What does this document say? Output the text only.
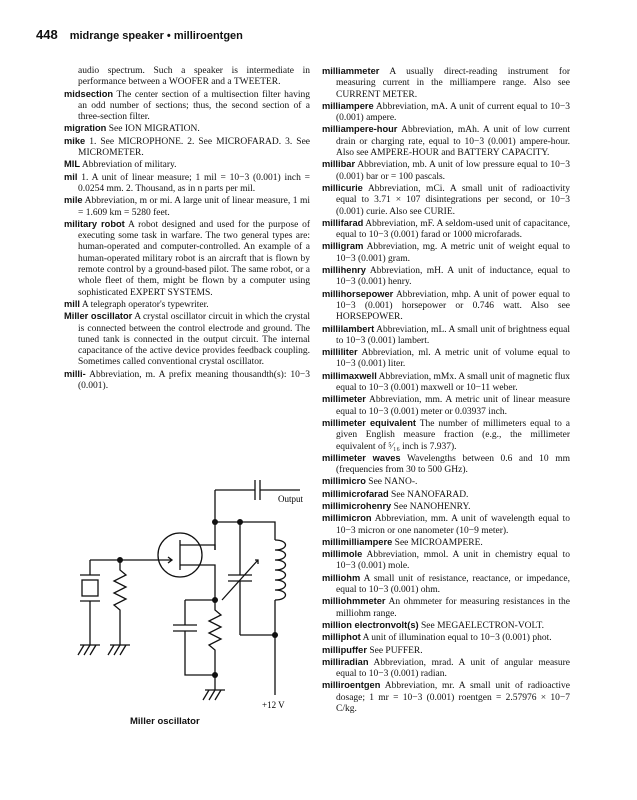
448 midrange speaker • milliroentgen

audio spectrum. Such a speaker is intermediate in performance between a WOOFER and a TWEETER.

midsection The center section of a multisection filter having an odd number of sections; thus, the second section of a three-section filter.

migration See ION MIGRATION.

mike 1. See MICROPHONE. 2. See MICROFARAD. 3. See MICROMETER.

MIL Abbreviation of military.

mil 1. A unit of linear measure; 1 mil = 10−3 (0.001) inch = 0.0254 mm. 2. Thousand, as in n parts per mil.

mile Abbreviation, m or mi. A large unit of linear measure, 1 mi = 1.609 km = 5280 feet.

military robot A robot designed and used for the purpose of executing some task in warfare. The two general types are: human-operated and computer-controlled. An example of a human-operated military robot is an aircraft that is flown by remote control by a ground-based pilot. The same robot, or a whole fleet of them, might be flown by a computer using sophisticated EXPERT SYSTEMS.

mill A telegraph operator's typewriter.

Miller oscillator A crystal oscillator circuit in which the crystal is connected between the control electrode and ground. The tuned tank is connected in the output circuit. The internal capacitance of the active device provides feedback coupling. Sometimes called conventional crystal oscillator.

milli- Abbreviation, m. A prefix meaning thousandth(s): 10−3 (0.001).

milliammeter A usually direct-reading instrument for measuring current in the milliampere range. Also see CURRENT METER.

milliampere Abbreviation, mA. A unit of current equal to 10−3 (0.001) ampere.

milliampere-hour Abbreviation, mAh. A unit of low current drain or charging rate, equal to 10−3 (0.001) ampere-hour. Also see AMPERE-HOUR and BATTERY CAPACITY.

millibar Abbreviation, mb. A unit of low pressure equal to 10−3 (0.001) bar or = 100 pascals.

millicurie Abbreviation, mCi. A small unit of radioactivity equal to 3.71 × 107 disintegrations per second, or 10−3 (0.001) curie. Also see CURIE.

millifarad Abbreviation, mF. A seldom-used unit of capacitance, equal to 10−3 (0.001) farad or 1000 microfarads.

milligram Abbreviation, mg. A metric unit of weight equal to 10−3 (0.001) gram.

millihenry Abbreviation, mH. A unit of inductance, equal to 10−3 (0.001) henry.

millihorsepower Abbreviation, mhp. A unit of power equal to 10−3 (0.001) horsepower or 0.746 watt. Also see HORSEPOWER.

millilambert Abbreviation, mL. A small unit of brightness equal to 10−3 (0.001) lambert.

milliliter Abbreviation, ml. A metric unit of volume equal to 10−3 (0.001) liter.

millimaxwell Abbreviation, mMx. A small unit of magnetic flux equal to 10−3 (0.001) maxwell or 10−11 weber.

millimeter Abbreviation, mm. A metric unit of linear measure equal to 10−3 (0.001) meter or 0.03937 inch.

millimeter equivalent The number of millimeters equal to a given English measure fraction (e.g., the millimeter equivalent of ⁵⁄₁₆ inch is 7.937).

millimeter waves Wavelengths between 0.6 and 10 mm (frequencies from 30 to 500 GHz).

millimicro See NANO-.

millimicrofarad See NANOFARAD.

millimicrohenry See NANOHENRY.

millimicron Abbreviation, mm. A unit of wavelength equal to 10−3 micron or one nanometer (10−9 meter).

millimilliampere See MICROAMPERE.

millimole Abbreviation, mmol. A unit in chemistry equal to 10−3 (0.001) mole.

milliohm A small unit of resistance, reactance, or impedance, equal to 10−3 (0.001) ohm.

milliohmmeter An ohmmeter for measuring resistances in the milliohm range.

million electronvolt(s) See MEGAELECTRON-VOLT.

milliphot A unit of illumination equal to 10−3 (0.001) phot.

millipuffer See PUFFER.

milliradian Abbreviation, mrad. A unit of angular measure equal to 10−3 (0.001) radian.

milliroentgen Abbreviation, mr. A small unit of radioactive dosage; 1 mr = 10−3 (0.001) roentgen = 2.57976 × 10−7 C/kg.

Output
+12 V
Miller oscillator
